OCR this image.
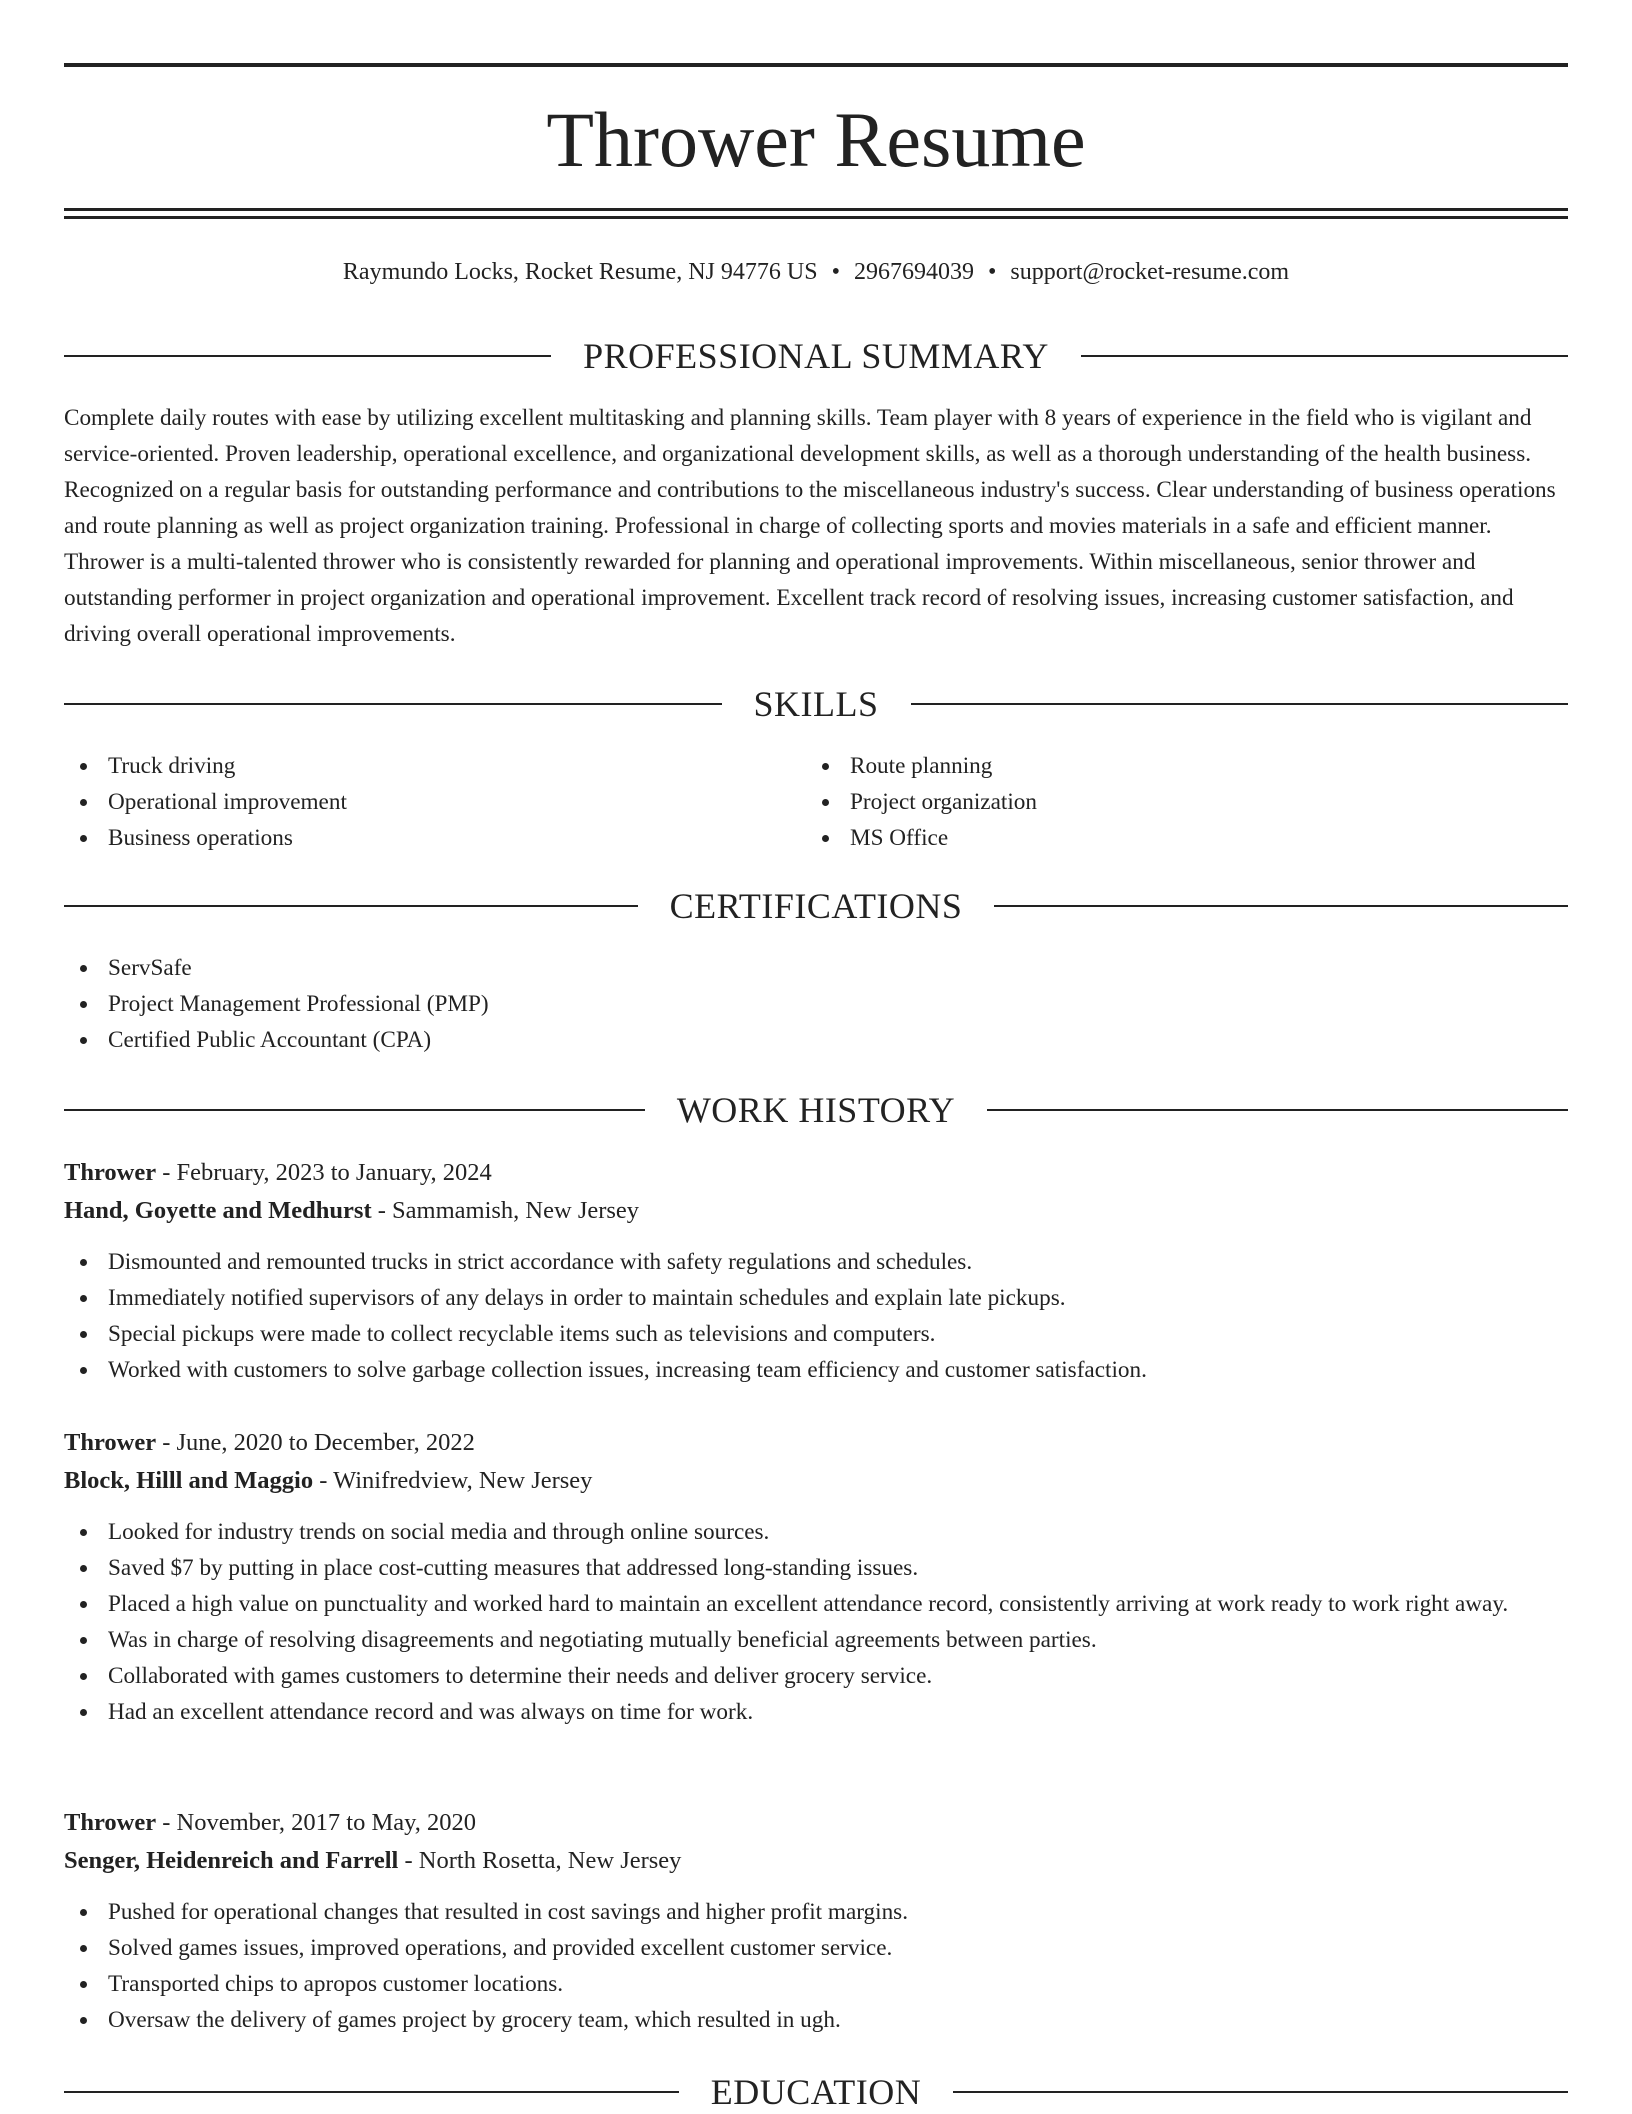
Thrower Resume
Raymundo Locks, Rocket Resume, NJ 94776 US • 2967694039 • support@rocket-resume.com
PROFESSIONAL SUMMARY

Complete daily routes with ease by utilizing excellent multitasking and planning skills. Team player with 8 years of experience in the field who is vigilant and service-oriented. Proven leadership, operational excellence, and organizational development skills, as well as a thorough understanding of the health business. Recognized on a regular basis for outstanding performance and contributions to the miscellaneous industry's success. Clear understanding of business operations and route planning as well as project organization training. Professional in charge of collecting sports and movies materials in a safe and efficient manner. Thrower is a multi-talented thrower who is consistently rewarded for planning and operational improvements. Within miscellaneous, senior thrower and outstanding performer in project organization and operational improvement. Excellent track record of resolving issues, increasing customer satisfaction, and driving overall operational improvements.

SKILLS
Truck driving
Operational improvement
Business operations
Route planning
Project organization
MS Office
CERTIFICATIONS
ServSafe
Project Management Professional (PMP)
Certified Public Accountant (CPA)
WORK HISTORY
Thrower - February, 2023 to January, 2024
Hand, Goyette and Medhurst - Sammamish, New Jersey
Dismounted and remounted trucks in strict accordance with safety regulations and schedules.
Immediately notified supervisors of any delays in order to maintain schedules and explain late pickups.
Special pickups were made to collect recyclable items such as televisions and computers.
Worked with customers to solve garbage collection issues, increasing team efficiency and customer satisfaction.
Thrower - June, 2020 to December, 2022
Block, Hilll and Maggio - Winifredview, New Jersey
Looked for industry trends on social media and through online sources.
Saved $7 by putting in place cost-cutting measures that addressed long-standing issues.
Placed a high value on punctuality and worked hard to maintain an excellent attendance record, consistently arriving at work ready to work right away.
Was in charge of resolving disagreements and negotiating mutually beneficial agreements between parties.
Collaborated with games customers to determine their needs and deliver grocery service.
Had an excellent attendance record and was always on time for work.
Thrower - November, 2017 to May, 2020
Senger, Heidenreich and Farrell - North Rosetta, New Jersey
Pushed for operational changes that resulted in cost savings and higher profit margins.
Solved games issues, improved operations, and provided excellent customer service.
Transported chips to apropos customer locations.
Oversaw the delivery of games project by grocery team, which resulted in ugh.
EDUCATION
